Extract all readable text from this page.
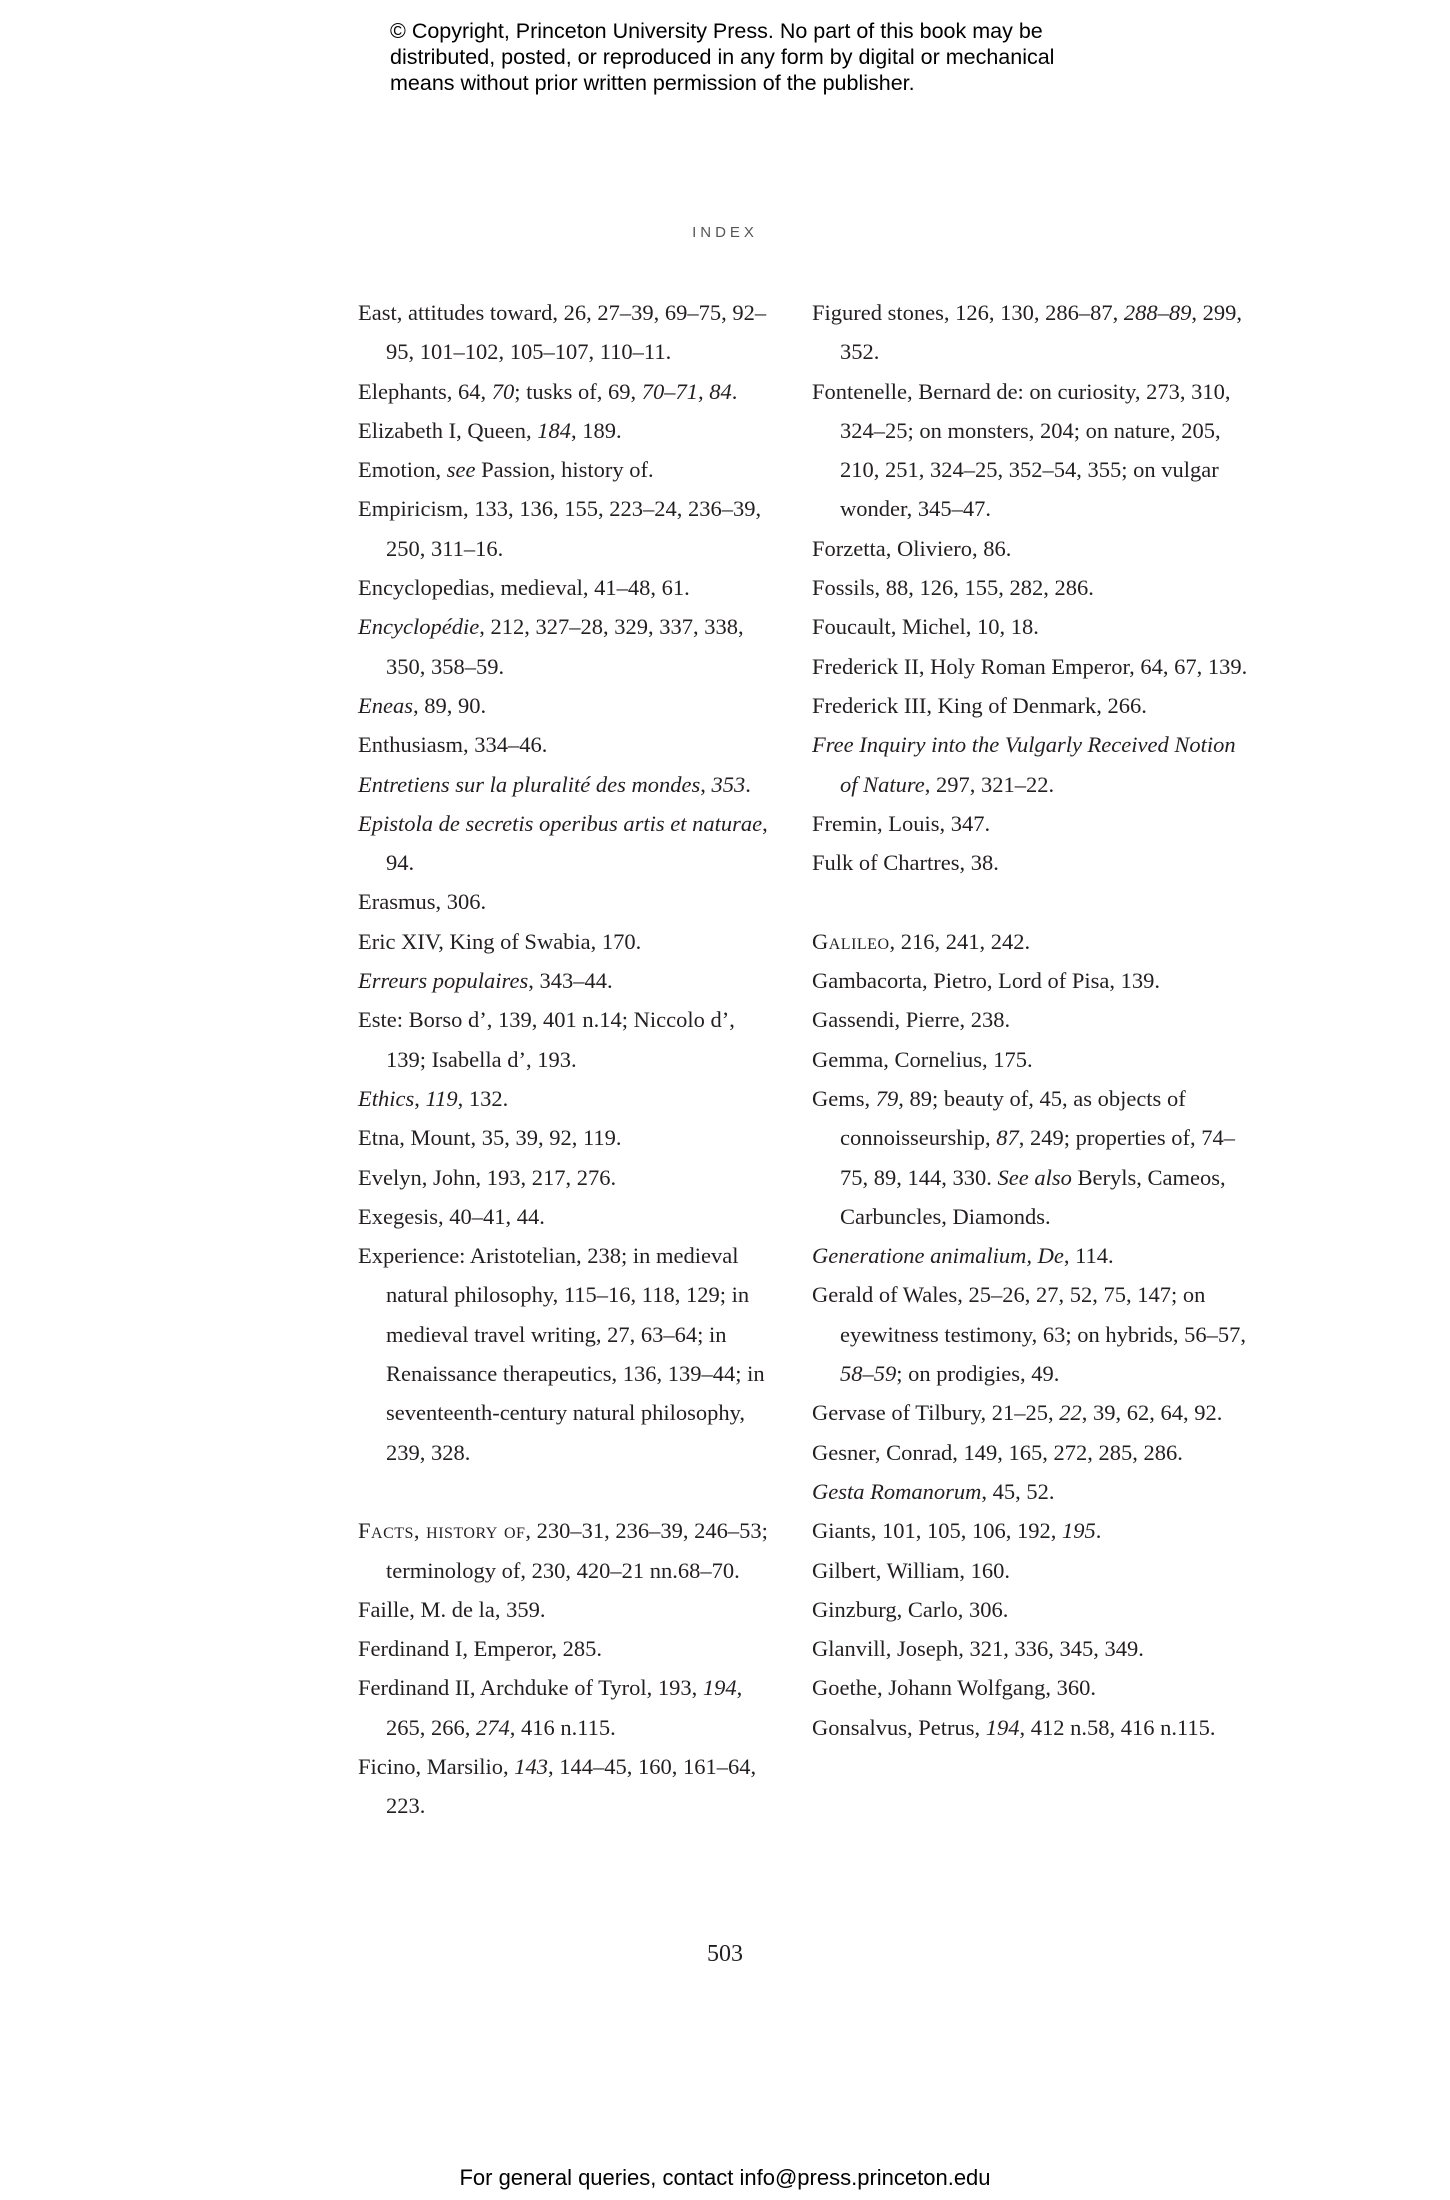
© Copyright, Princeton University Press. No part of this book may be
distributed, posted, or reproduced in any form by digital or mechanical
means without prior written permission of the publisher.
INDEX
East, attitudes toward, 26, 27–39, 69–75, 92–95, 101–102, 105–107, 110–11.
Elephants, 64, 70; tusks of, 69, 70–71, 84.
Elizabeth I, Queen, 184, 189.
Emotion, see Passion, history of.
Empiricism, 133, 136, 155, 223–24, 236–39, 250, 311–16.
Encyclopedias, medieval, 41–48, 61.
Encyclopédie, 212, 327–28, 329, 337, 338, 350, 358–59.
Eneas, 89, 90.
Enthusiasm, 334–46.
Entretiens sur la pluralité des mondes, 353.
Epistola de secretis operibus artis et naturae, 94.
Erasmus, 306.
Eric XIV, King of Swabia, 170.
Erreurs populaires, 343–44.
Este: Borso d’, 139, 401 n.14; Niccolo d’, 139; Isabella d’, 193.
Ethics, 119, 132.
Etna, Mount, 35, 39, 92, 119.
Evelyn, John, 193, 217, 276.
Exegesis, 40–41, 44.
Experience: Aristotelian, 238; in medieval natural philosophy, 115–16, 118, 129; in medieval travel writing, 27, 63–64; in Renaissance therapeutics, 136, 139–44; in seventeenth-century natural philosophy, 239, 328.
Facts, history of, 230–31, 236–39, 246–53; terminology of, 230, 420–21 nn.68–70.
Faille, M. de la, 359.
Ferdinand I, Emperor, 285.
Ferdinand II, Archduke of Tyrol, 193, 194, 265, 266, 274, 416 n.115.
Ficino, Marsilio, 143, 144–45, 160, 161–64, 223.
Figured stones, 126, 130, 286–87, 288–89, 299, 352.
Fontenelle, Bernard de: on curiosity, 273, 310, 324–25; on monsters, 204; on nature, 205, 210, 251, 324–25, 352–54, 355; on vulgar wonder, 345–47.
Forzetta, Oliviero, 86.
Fossils, 88, 126, 155, 282, 286.
Foucault, Michel, 10, 18.
Frederick II, Holy Roman Emperor, 64, 67, 139.
Frederick III, King of Denmark, 266.
Free Inquiry into the Vulgarly Received Notion of Nature, 297, 321–22.
Fremin, Louis, 347.
Fulk of Chartres, 38.
Galileo, 216, 241, 242.
Gambacorta, Pietro, Lord of Pisa, 139.
Gassendi, Pierre, 238.
Gemma, Cornelius, 175.
Gems, 79, 89; beauty of, 45, as objects of connoisseurship, 87, 249; properties of, 74–75, 89, 144, 330. See also Beryls, Cameos, Carbuncles, Diamonds.
Generatione animalium, De, 114.
Gerald of Wales, 25–26, 27, 52, 75, 147; on eyewitness testimony, 63; on hybrids, 56–57, 58–59; on prodigies, 49.
Gervase of Tilbury, 21–25, 22, 39, 62, 64, 92.
Gesner, Conrad, 149, 165, 272, 285, 286.
Gesta Romanorum, 45, 52.
Giants, 101, 105, 106, 192, 195.
Gilbert, William, 160.
Ginzburg, Carlo, 306.
Glanvill, Joseph, 321, 336, 345, 349.
Goethe, Johann Wolfgang, 360.
Gonsalvus, Petrus, 194, 412 n.58, 416 n.115.
503
For general queries, contact info@press.princeton.edu
